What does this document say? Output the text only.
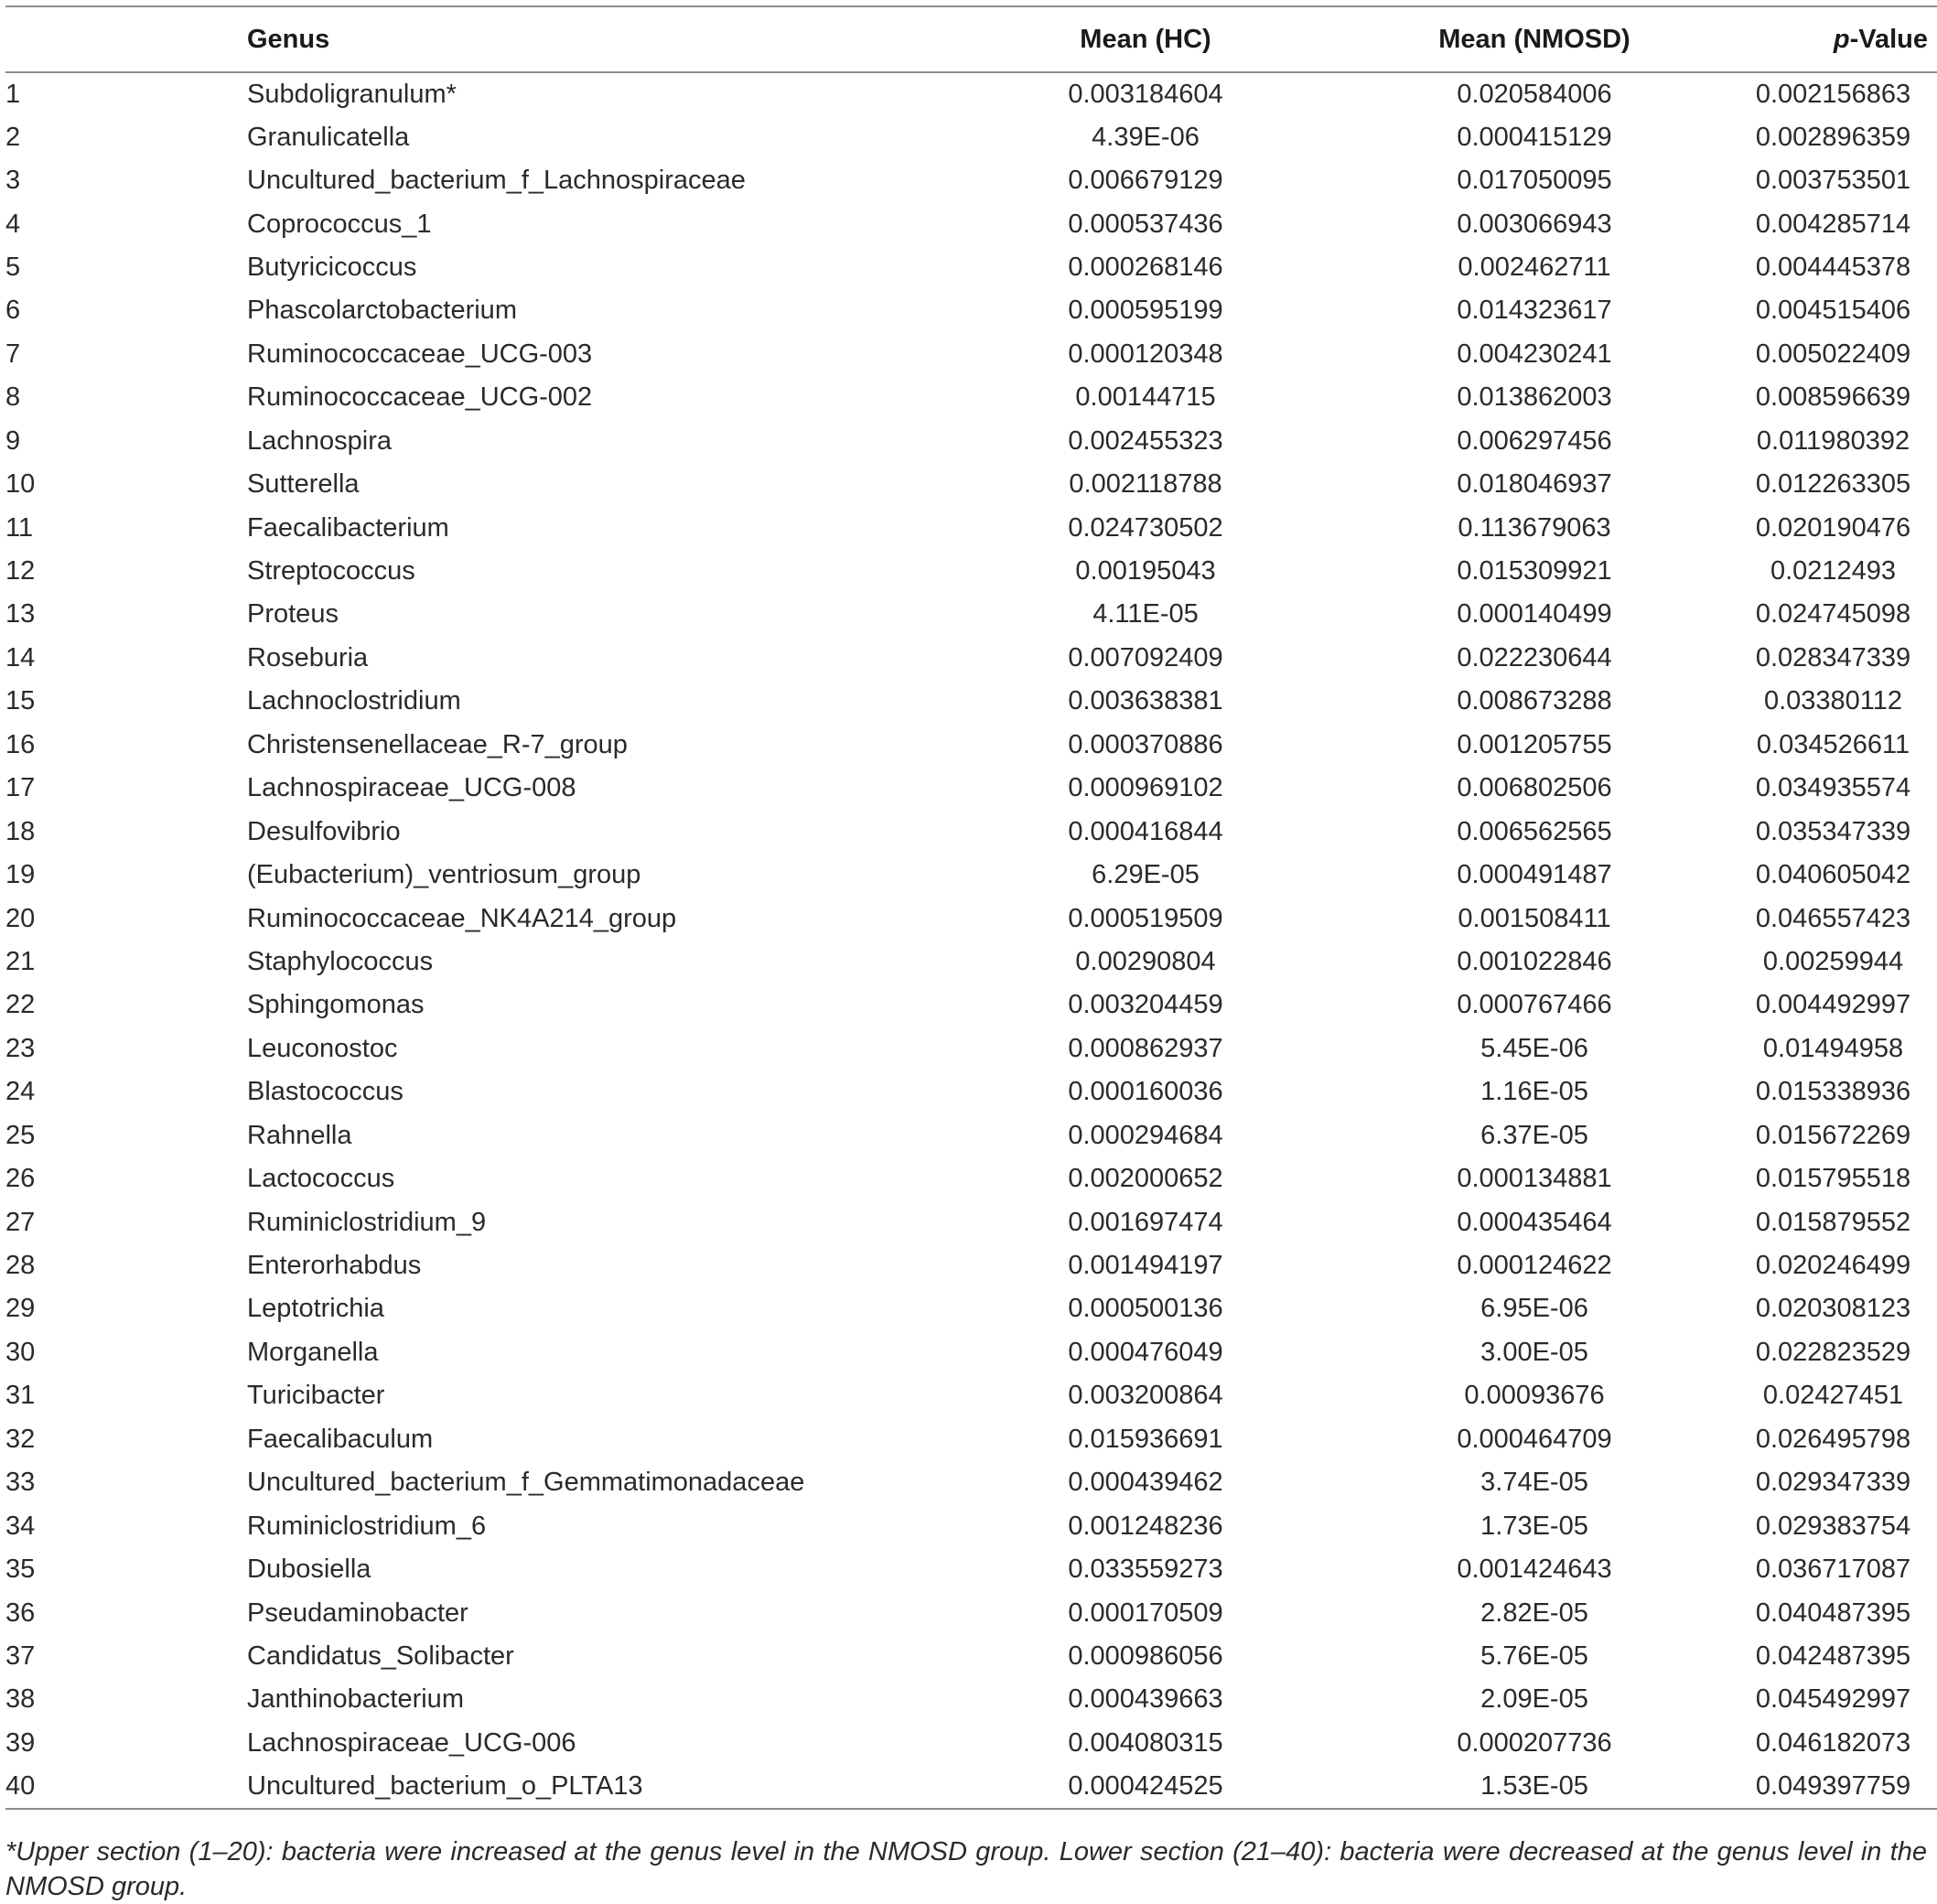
	Genus	Mean (HC)	Mean (NMOSD)	p-Value
1	Subdoligranulum*	0.003184604	0.020584006	0.002156863
2	Granulicatella	4.39E-06	0.000415129	0.002896359
3	Uncultured_bacterium_f_Lachnospiraceae	0.006679129	0.017050095	0.003753501
4	Coprococcus_1	0.000537436	0.003066943	0.004285714
5	Butyricicoccus	0.000268146	0.002462711	0.004445378
6	Phascolarctobacterium	0.000595199	0.014323617	0.004515406
7	Ruminococcaceae_UCG-003	0.000120348	0.004230241	0.005022409
8	Ruminococcaceae_UCG-002	0.00144715	0.013862003	0.008596639
9	Lachnospira	0.002455323	0.006297456	0.011980392
10	Sutterella	0.002118788	0.018046937	0.012263305
11	Faecalibacterium	0.024730502	0.113679063	0.020190476
12	Streptococcus	0.00195043	0.015309921	0.0212493
13	Proteus	4.11E-05	0.000140499	0.024745098
14	Roseburia	0.007092409	0.022230644	0.028347339
15	Lachnoclostridium	0.003638381	0.008673288	0.03380112
16	Christensenellaceae_R-7_group	0.000370886	0.001205755	0.034526611
17	Lachnospiraceae_UCG-008	0.000969102	0.006802506	0.034935574
18	Desulfovibrio	0.000416844	0.006562565	0.035347339
19	(Eubacterium)_ventriosum_group	6.29E-05	0.000491487	0.040605042
20	Ruminococcaceae_NK4A214_group	0.000519509	0.001508411	0.046557423
21	Staphylococcus	0.00290804	0.001022846	0.00259944
22	Sphingomonas	0.003204459	0.000767466	0.004492997
23	Leuconostoc	0.000862937	5.45E-06	0.01494958
24	Blastococcus	0.000160036	1.16E-05	0.015338936
25	Rahnella	0.000294684	6.37E-05	0.015672269
26	Lactococcus	0.002000652	0.000134881	0.015795518
27	Ruminiclostridium_9	0.001697474	0.000435464	0.015879552
28	Enterorhabdus	0.001494197	0.000124622	0.020246499
29	Leptotrichia	0.000500136	6.95E-06	0.020308123
30	Morganella	0.000476049	3.00E-05	0.022823529
31	Turicibacter	0.003200864	0.00093676	0.02427451
32	Faecalibaculum	0.015936691	0.000464709	0.026495798
33	Uncultured_bacterium_f_Gemmatimonadaceae	0.000439462	3.74E-05	0.029347339
34	Ruminiclostridium_6	0.001248236	1.73E-05	0.029383754
35	Dubosiella	0.033559273	0.001424643	0.036717087
36	Pseudaminobacter	0.000170509	2.82E-05	0.040487395
37	Candidatus_Solibacter	0.000986056	5.76E-05	0.042487395
38	Janthinobacterium	0.000439663	2.09E-05	0.045492997
39	Lachnospiraceae_UCG-006	0.004080315	0.000207736	0.046182073
40	Uncultured_bacterium_o_PLTA13	0.000424525	1.53E-05	0.049397759
*Upper section (1–20): bacteria were increased at the genus level in the NMOSD group. Lower section (21–40): bacteria were decreased at the genus level in the NMOSD group.
